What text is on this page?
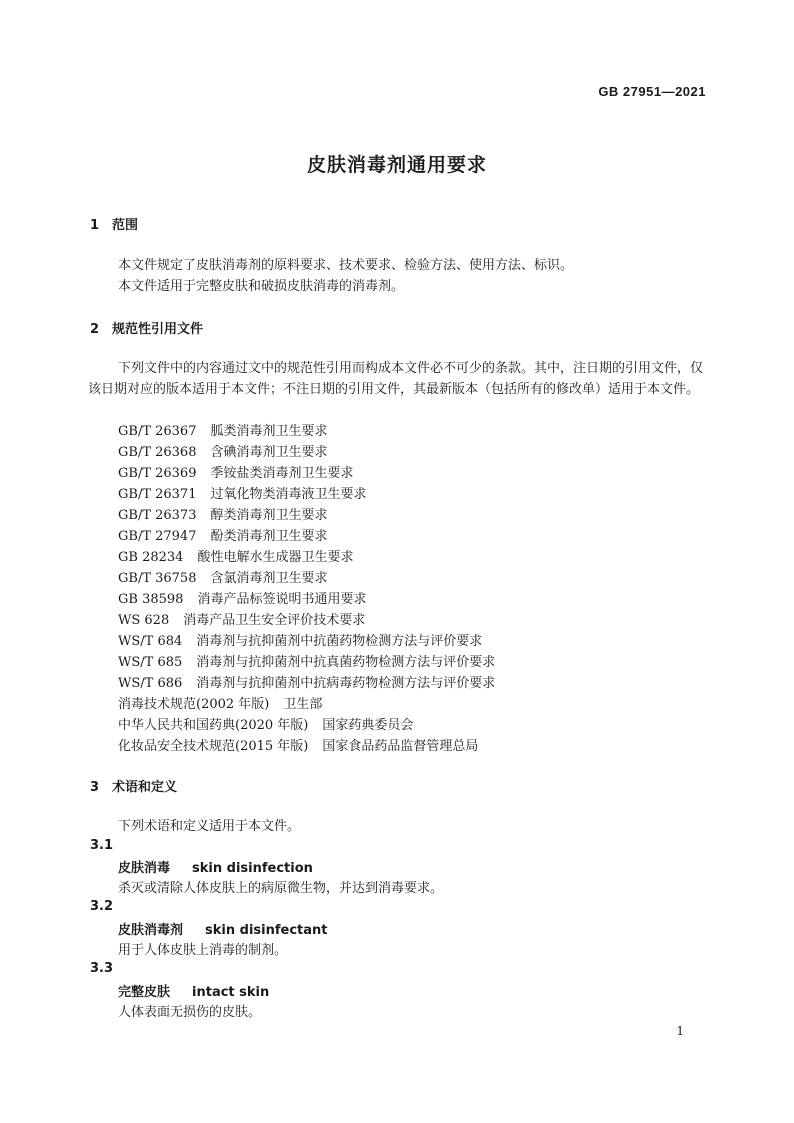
GB 27951—2021
皮肤消毒剂通用要求
1 范围
本文件规定了皮肤消毒剂的原料要求、技术要求、检验方法、使用方法、标识。
本文件适用于完整皮肤和破损皮肤消毒的消毒剂。
2 规范性引用文件
下列文件中的内容通过文中的规范性引用而构成本文件必不可少的条款。其中，注日期的引用文件，仅该日期对应的版本适用于本文件；不注日期的引用文件，其最新版本（包括所有的修改单）适用于本文件。
GB/T 26367 胍类消毒剂卫生要求
GB/T 26368 含碘消毒剂卫生要求
GB/T 26369 季铵盐类消毒剂卫生要求
GB/T 26371 过氧化物类消毒液卫生要求
GB/T 26373 醇类消毒剂卫生要求
GB/T 27947 酚类消毒剂卫生要求
GB 28234 酸性电解水生成器卫生要求
GB/T 36758 含氯消毒剂卫生要求
GB 38598 消毒产品标签说明书通用要求
WS 628 消毒产品卫生安全评价技术要求
WS/T 684 消毒剂与抗抑菌剂中抗菌药物检测方法与评价要求
WS/T 685 消毒剂与抗抑菌剂中抗真菌药物检测方法与评价要求
WS/T 686 消毒剂与抗抑菌剂中抗病毒药物检测方法与评价要求
消毒技术规范(2002 年版) 卫生部
中华人民共和国药典(2020 年版) 国家药典委员会
化妆品安全技术规范(2015 年版) 国家食品药品监督管理总局
3 术语和定义
下列术语和定义适用于本文件。
3.1
皮肤消毒 skin disinfection
杀灭或清除人体皮肤上的病原微生物，并达到消毒要求。
3.2
皮肤消毒剂 skin disinfectant
用于人体皮肤上消毒的制剂。
3.3
完整皮肤 intact skin
人体表面无损伤的皮肤。
1
